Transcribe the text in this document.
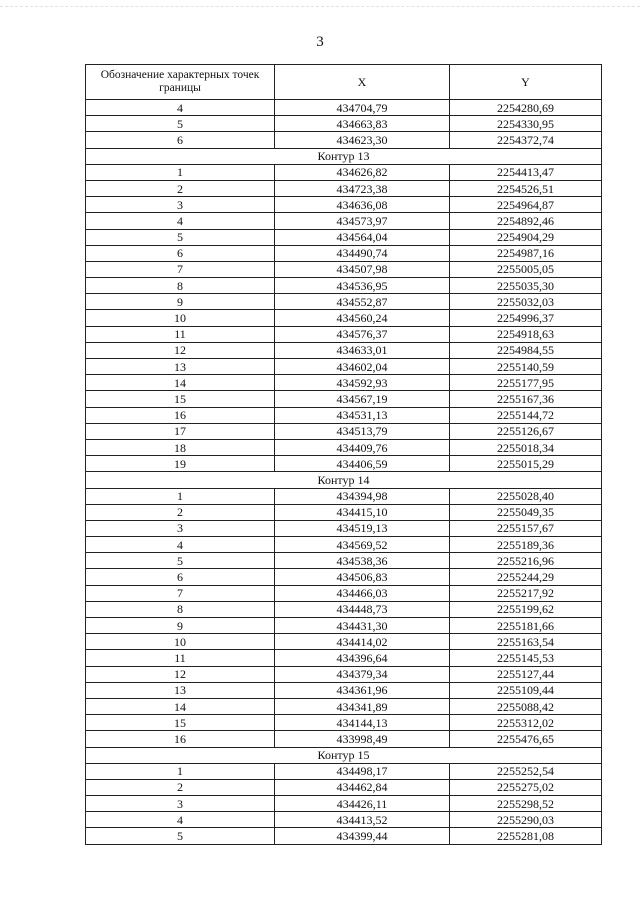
3
Обозначение характерных точек границы	X	Y
4	434704,79	2254280,69
5	434663,83	2254330,95
6	434623,30	2254372,74
Контур 13		
1	434626,82	2254413,47
2	434723,38	2254526,51
3	434636,08	2254964,87
4	434573,97	2254892,46
5	434564,04	2254904,29
6	434490,74	2254987,16
7	434507,98	2255005,05
8	434536,95	2255035,30
9	434552,87	2255032,03
10	434560,24	2254996,37
11	434576,37	2254918,63
12	434633,01	2254984,55
13	434602,04	2255140,59
14	434592,93	2255177,95
15	434567,19	2255167,36
16	434531,13	2255144,72
17	434513,79	2255126,67
18	434409,76	2255018,34
19	434406,59	2255015,29
Контур 14		
1	434394,98	2255028,40
2	434415,10	2255049,35
3	434519,13	2255157,67
4	434569,52	2255189,36
5	434538,36	2255216,96
6	434506,83	2255244,29
7	434466,03	2255217,92
8	434448,73	2255199,62
9	434431,30	2255181,66
10	434414,02	2255163,54
11	434396,64	2255145,53
12	434379,34	2255127,44
13	434361,96	2255109,44
14	434341,89	2255088,42
15	434144,13	2255312,02
16	433998,49	2255476,65
Контур 15		
1	434498,17	2255252,54
2	434462,84	2255275,02
3	434426,11	2255298,52
4	434413,52	2255290,03
5	434399,44	2255281,08
